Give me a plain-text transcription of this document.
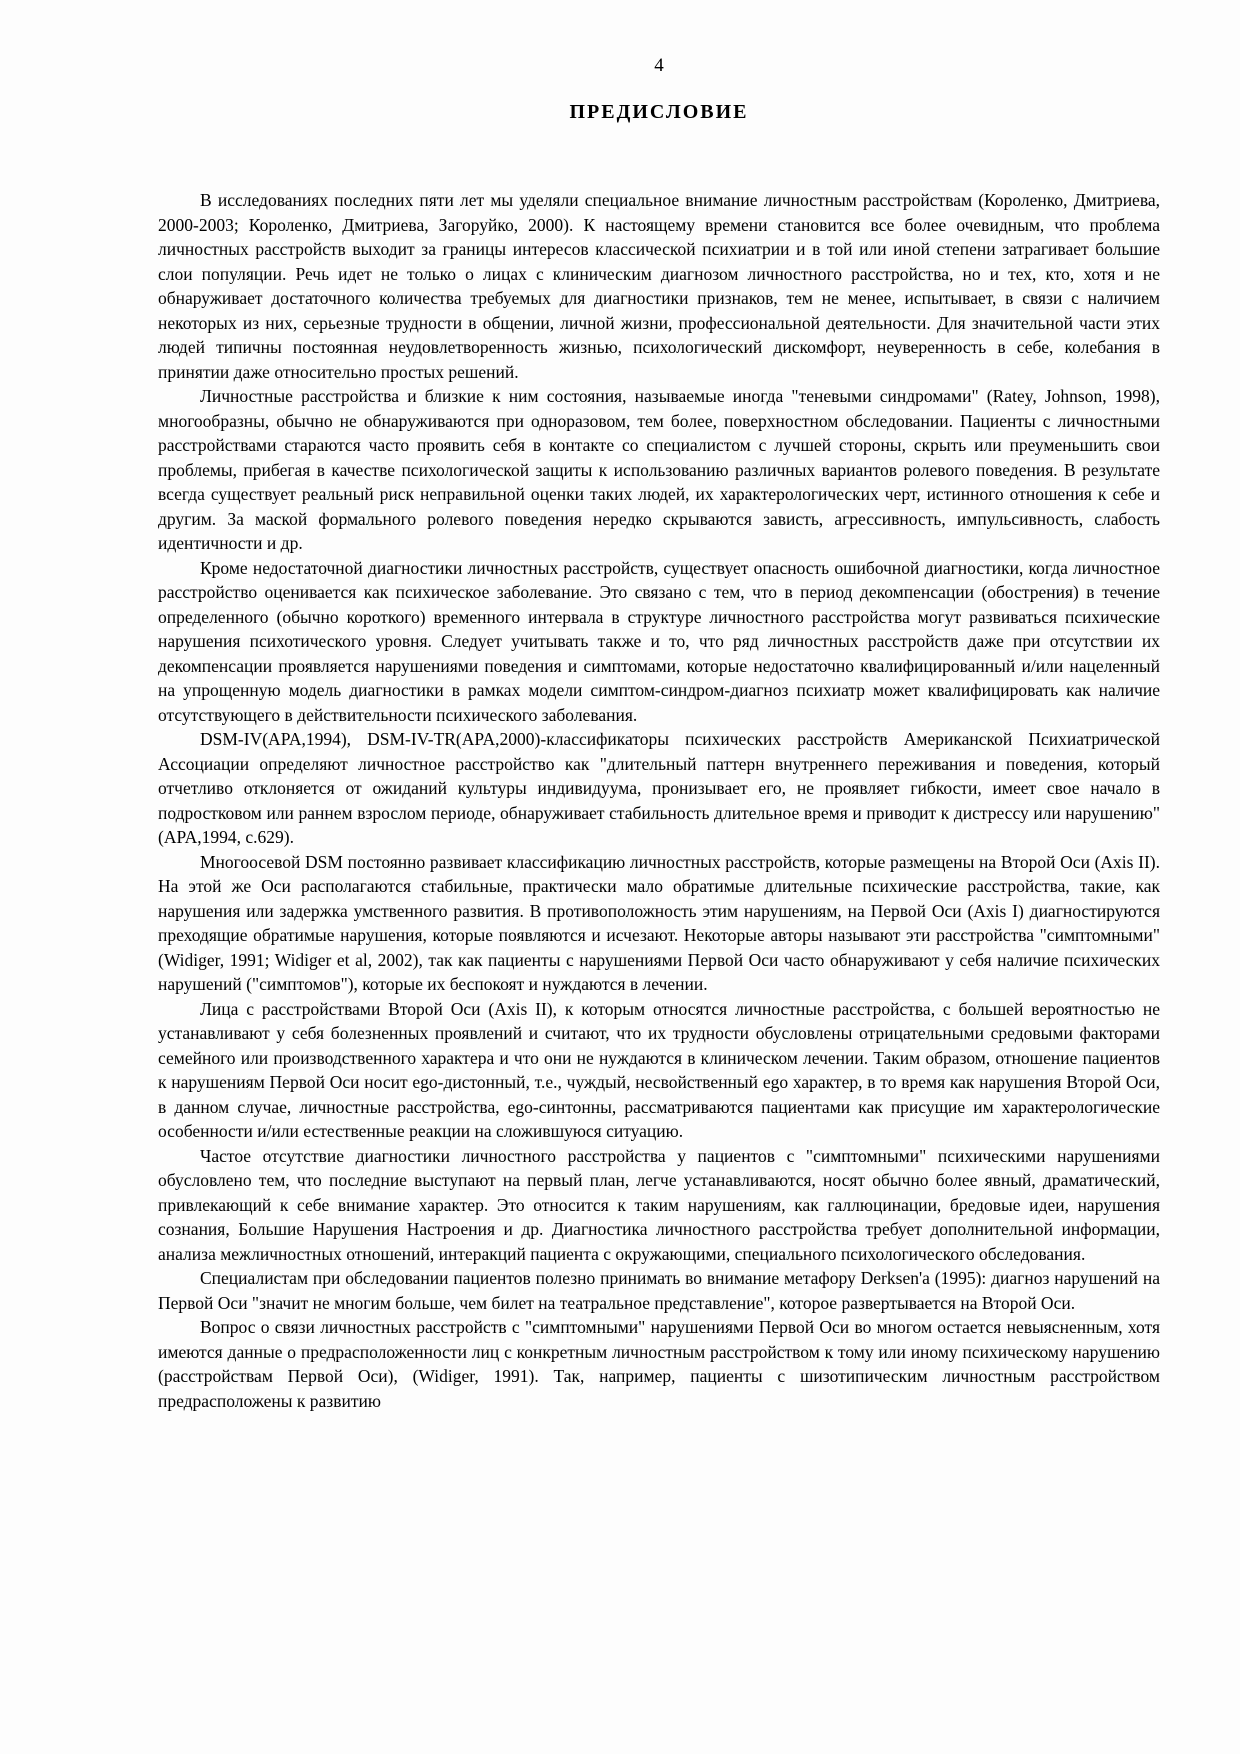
4
ПРЕДИСЛОВИЕ

В исследованиях последних пяти лет мы уделяли специальное внимание личностным расстройствам (Короленко, Дмитриева, 2000-2003; Короленко, Дмитриева, Загоруйко, 2000). К настоящему времени становится все более очевидным, что проблема личностных расстройств выходит за границы интересов классической психиатрии и в той или иной степени затрагивает большие слои популяции. Речь идет не только о лицах с клиническим диагнозом личностного расстройства, но и тех, кто, хотя и не обнаруживает достаточного количества требуемых для диагностики признаков, тем не менее, испытывает, в связи с наличием некоторых из них, серьезные трудности в общении, личной жизни, профессиональной деятельности. Для значительной части этих людей типичны постоянная неудовлетворенность жизнью, психологический дискомфорт, неуверенность в себе, колебания в принятии даже относительно простых решений.

Личностные расстройства и близкие к ним состояния, называемые иногда "теневыми синдромами" (Ratey, Johnson, 1998), многообразны, обычно не обнаруживаются при одноразовом, тем более, поверхностном обследовании. Пациенты с личностными расстройствами стараются часто проявить себя в контакте со специалистом с лучшей стороны, скрыть или преуменьшить свои проблемы, прибегая в качестве психологической защиты к использованию различных вариантов ролевого поведения. В результате всегда существует реальный риск неправильной оценки таких людей, их характерологических черт, истинного отношения к себе и другим. За маской формального ролевого поведения нередко скрываются зависть, агрессивность, импульсивность, слабость идентичности и др.

Кроме недостаточной диагностики личностных расстройств, существует опасность ошибочной диагностики, когда личностное расстройство оценивается как психическое заболевание. Это связано с тем, что в период декомпенсации (обострения) в течение определенного (обычно короткого) временного интервала в структуре личностного расстройства могут развиваться психические нарушения психотического уровня. Следует учитывать также и то, что ряд личностных расстройств даже при отсутствии их декомпенсации проявляется нарушениями поведения и симптомами, которые недостаточно квалифицированный и/или нацеленный на упрощенную модель диагностики в рамках модели симптом-синдром-диагноз психиатр может квалифицировать как наличие отсутствующего в действительности психического заболевания.

DSM-IV(APA,1994), DSM-IV-TR(APA,2000)-классификаторы психических расстройств Американской Психиатрической Ассоциации определяют личностное расстройство как "длительный паттерн внутреннего переживания и поведения, который отчетливо отклоняется от ожиданий культуры индивидуума, пронизывает его, не проявляет гибкости, имеет свое начало в подростковом или раннем взрослом периоде, обнаруживает стабильность длительное время и приводит к дистрессу или нарушению" (APA,1994, с.629).

Многоосевой DSM постоянно развивает классификацию личностных расстройств, которые размещены на Второй Оси (Axis II). На этой же Оси располагаются стабильные, практически мало обратимые длительные психические расстройства, такие, как нарушения или задержка умственного развития. В противоположность этим нарушениям, на Первой Оси (Axis I) диагностируются преходящие обратимые нарушения, которые появляются и исчезают. Некоторые авторы называют эти расстройства "симптомными" (Widiger, 1991; Widiger et al, 2002), так как пациенты с нарушениями Первой Оси часто обнаруживают у себя наличие психических нарушений ("симптомов"), которые их беспокоят и нуждаются в лечении.

Лица с расстройствами Второй Оси (Axis II), к которым относятся личностные расстройства, с большей вероятностью не устанавливают у себя болезненных проявлений и считают, что их трудности обусловлены отрицательными средовыми факторами семейного или производственного характера и что они не нуждаются в клиническом лечении. Таким образом, отношение пациентов к нарушениям Первой Оси носит ego-дистонный, т.е., чуждый, несвойственный ego характер, в то время как нарушения Второй Оси, в данном случае, личностные расстройства, ego-синтонны, рассматриваются пациентами как присущие им характерологические особенности и/или естественные реакции на сложившуюся ситуацию.

Частое отсутствие диагностики личностного расстройства у пациентов с "симптомными" психическими нарушениями обусловлено тем, что последние выступают на первый план, легче устанавливаются, носят обычно более явный, драматический, привлекающий к себе внимание характер. Это относится к таким нарушениям, как галлюцинации, бредовые идеи, нарушения сознания, Большие Нарушения Настроения и др. Диагностика личностного расстройства требует дополнительной информации, анализа межличностных отношений, интеракций пациента с окружающими, специального психологического обследования.

Специалистам при обследовании пациентов полезно принимать во внимание метафору Derksen'a (1995): диагноз нарушений на Первой Оси "значит не многим больше, чем билет на театральное представление", которое развертывается на Второй Оси.

Вопрос о связи личностных расстройств с "симптомными" нарушениями Первой Оси во многом остается невыясненным, хотя имеются данные о предрасположенности лиц с конкретным личностным расстройством к тому или иному психическому нарушению (расстройствам Первой Оси), (Widiger, 1991). Так, например, пациенты с шизотипическим личностным расстройством предрасположены к развитию
